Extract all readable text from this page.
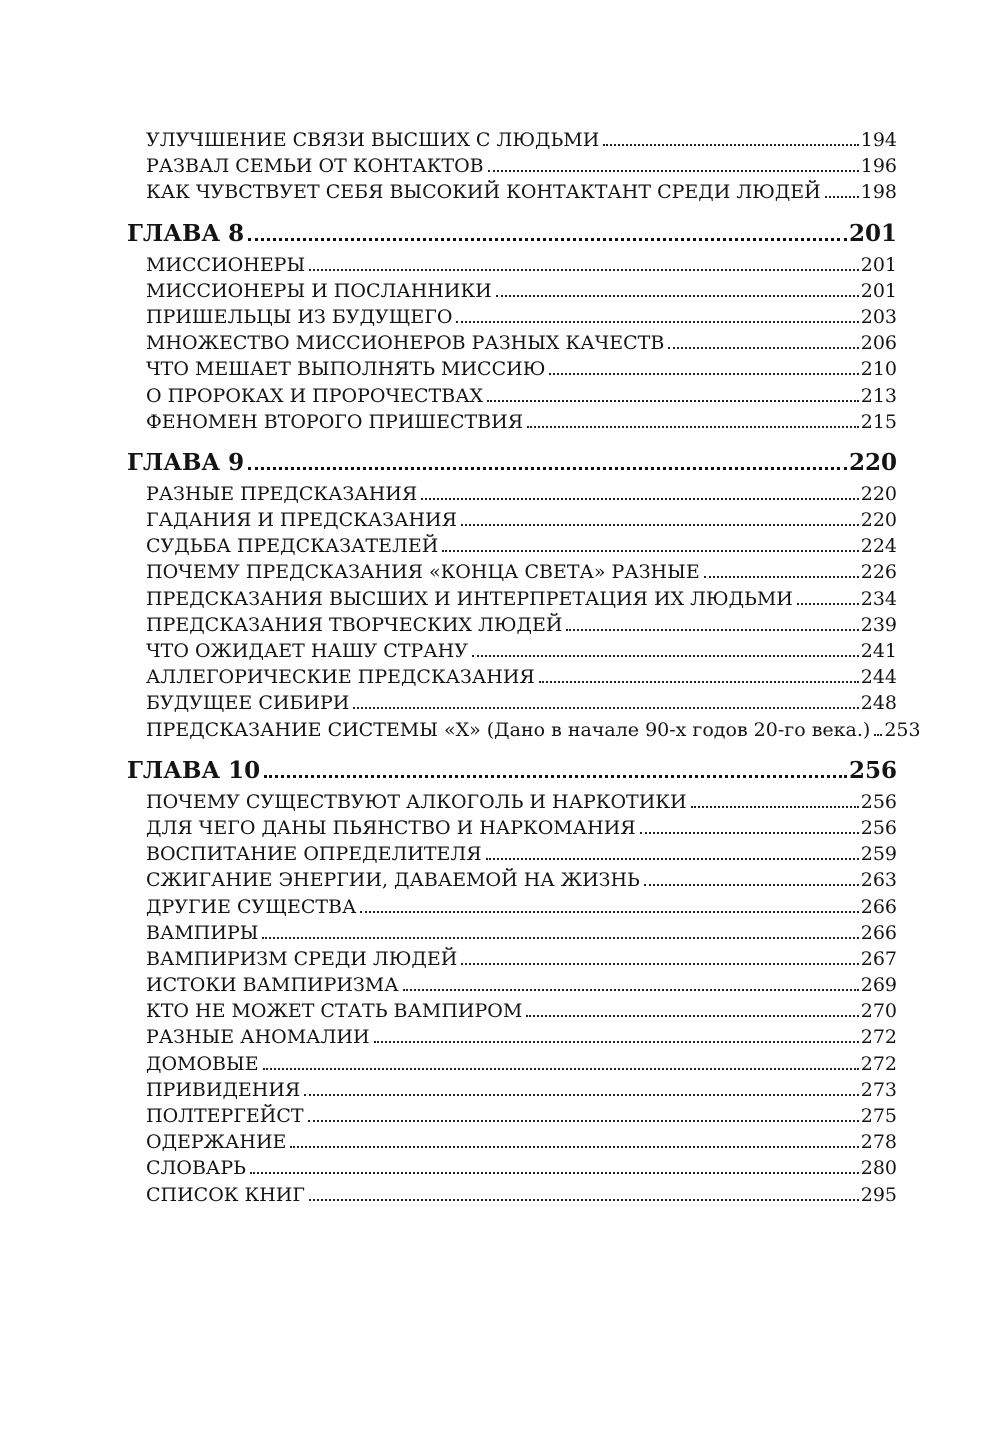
УЛУЧШЕНИЕ СВЯЗИ ВЫСШИХ С ЛЮДЬМИ	194
РАЗВАЛ СЕМЬИ ОТ КОНТАКТОВ	196
КАК ЧУВСТВУЕТ СЕБЯ ВЫСОКИЙ КОНТАКТАНТ СРЕДИ ЛЮДЕЙ 198
ГЛАВА 8	201
МИССИОНЕРЫ	201
МИССИОНЕРЫ И ПОСЛАННИКИ	201
ПРИШЕЛЬЦЫ ИЗ БУДУЩЕГО	203
МНОЖЕСТВО МИССИОНЕРОВ РАЗНЫХ КАЧЕСТВ	206
ЧТО МЕШАЕТ ВЫПОЛНЯТЬ МИССИЮ	210
О ПРОРОКАХ И ПРОРОЧЕСТВАХ	213
ФЕНОМЕН ВТОРОГО ПРИШЕСТВИЯ	215
ГЛАВА 9	220
РАЗНЫЕ ПРЕДСКАЗАНИЯ	220
ГАДАНИЯ И ПРЕДСКАЗАНИЯ	220
СУДЬБА ПРЕДСКАЗАТЕЛЕЙ	224
ПОЧЕМУ ПРЕДСКАЗАНИЯ «КОНЦА СВЕТА» РАЗНЫЕ	226
ПРЕДСКАЗАНИЯ ВЫСШИХ И ИНТЕРПРЕТАЦИЯ ИХ ЛЮДЬМИ	234
ПРЕДСКАЗАНИЯ ТВОРЧЕСКИХ ЛЮДЕЙ	239
ЧТО ОЖИДАЕТ НАШУ СТРАНУ	241
АЛЛЕГОРИЧЕСКИЕ ПРЕДСКАЗАНИЯ	244
БУДУЩЕЕ СИБИРИ	248
ПРЕДСКАЗАНИЕ СИСТЕМЫ «Х» (Дано в начале 90-х годов 20-го века.) 253
ГЛАВА 10	256
ПОЧЕМУ СУЩЕСТВУЮТ АЛКОГОЛЬ И НАРКОТИКИ	256
ДЛЯ ЧЕГО ДАНЫ ПЬЯНСТВО И НАРКОМАНИЯ	256
ВОСПИТАНИЕ ОПРЕДЕЛИТЕЛЯ	259
СЖИГАНИЕ ЭНЕРГИИ, ДАВАЕМОЙ НА ЖИЗНЬ	263
ДРУГИЕ СУЩЕСТВА	266
ВАМПИРЫ	266
ВАМПИРИЗМ СРЕДИ ЛЮДЕЙ	267
ИСТОКИ ВАМПИРИЗМА	269
КТО НЕ МОЖЕТ СТАТЬ ВАМПИРОМ	270
РАЗНЫЕ АНОМАЛИИ	272
ДОМОВЫЕ	272
ПРИВИДЕНИЯ	273
ПОЛТЕРГЕЙСТ	275
ОДЕРЖАНИЕ	278
СЛОВАРЬ	280
СПИСОК КНИГ	295
